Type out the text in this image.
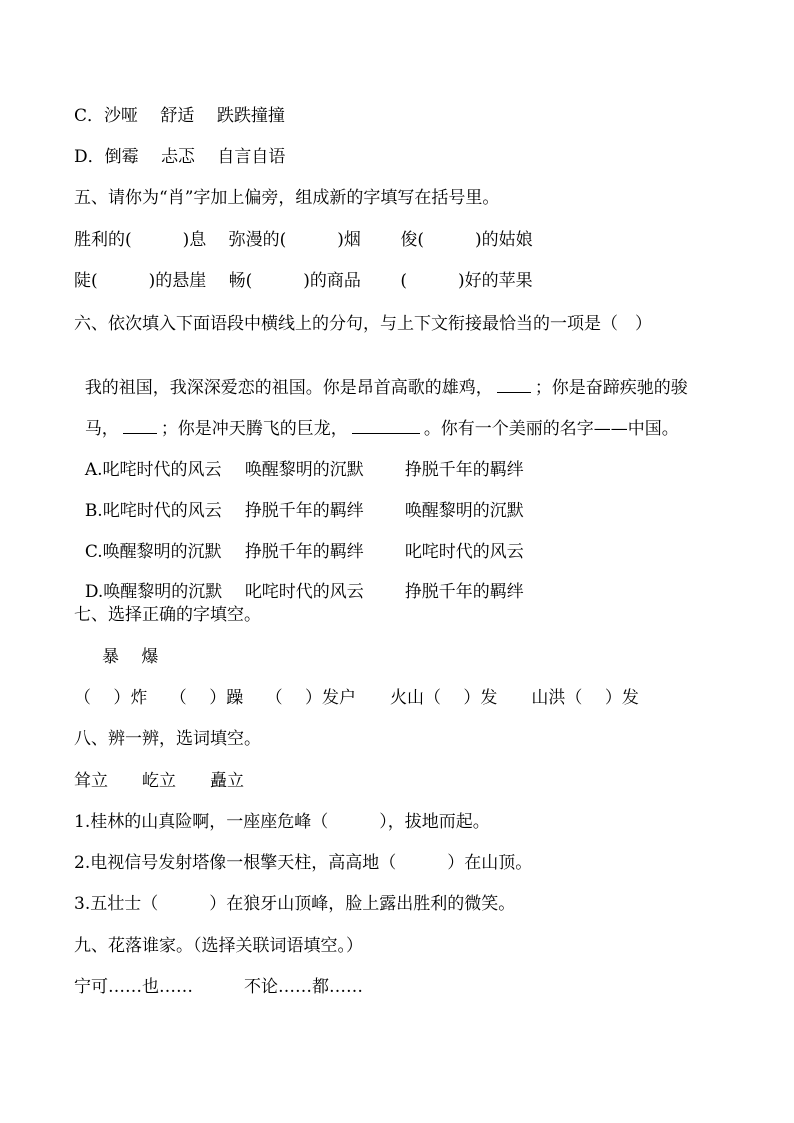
C．沙哑　 舒适　 跌跌撞撞
D．倒霉　 忐忑　 自言自语
五、请你为“肖”字加上偏旁，组成新的字填写在括号里。
胜利的(　　　)息　 弥漫的(　　　)烟　　 俊(　　　)的姑娘
陡(　　　)的悬崖　 畅(　　　)的商品　　 (　　　)好的苹果
六、依次填入下面语段中横线上的分句，与上下文衔接最恰当的一项是（　）

我的祖国，我深深爱恋的祖国。你是昂首高歌的雄鸡， ；你是奋蹄疾驰的骏

马， ；你是冲天腾飞的巨龙，	。你有一个美丽的名字——中国。

A.叱咤时代的风云 唤醒黎明的沉默 挣脱千年的羁绊

B.叱咤时代的风云 挣脱千年的羁绊 唤醒黎明的沉默

C.唤醒黎明的沉默 挣脱千年的羁绊 叱咤时代的风云

D.唤醒黎明的沉默 叱咤时代的风云 挣脱千年的羁绊

七、选择正确的字填空。
暴　 爆
（　 ）炸　 （　 ）躁　 （　 ）发户　　火山（　 ）发　　山洪（　 ）发
八、辨一辨，选词填空。
耸立　　屹立　　矗立
1.桂林的山真险啊，一座座危峰（　　　），拔地而起。
2.电视信号发射塔像一根擎天柱，高高地（　　　）在山顶。
3.五壮士（　　　）在狼牙山顶峰，脸上露出胜利的微笑。
九、花落谁家。（选择关联词语填空。）
宁可……也……　　　不论……都……
